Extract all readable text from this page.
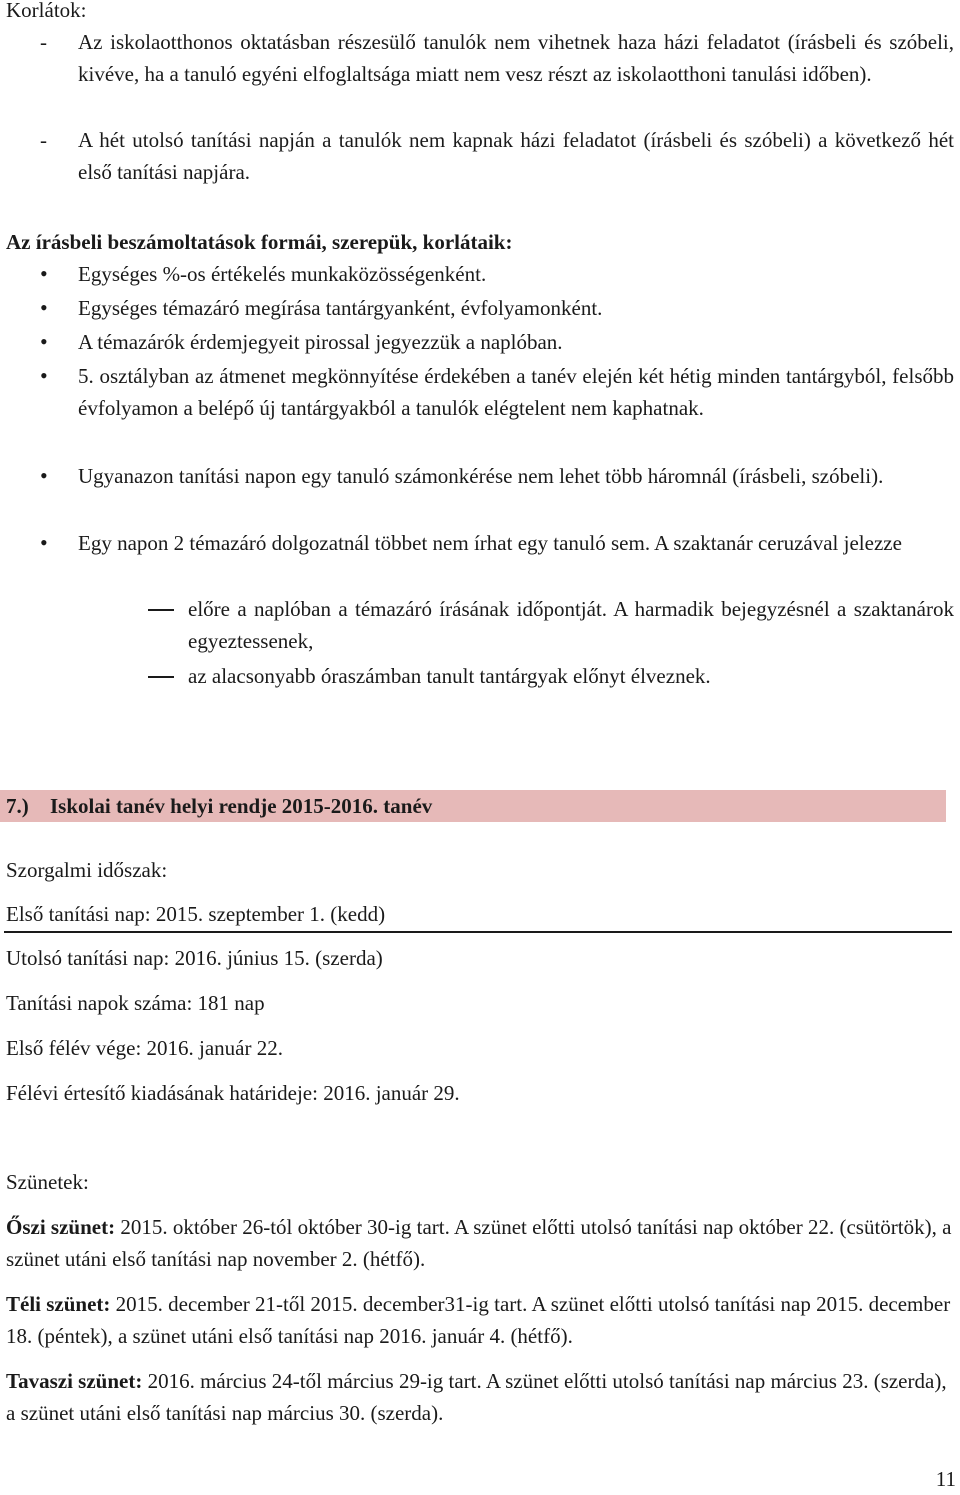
Korlátok:
-	Az iskolaotthonos oktatásban részesülő tanulók nem vihetnek haza házi feladatot (írásbeli és szóbeli, kivéve, ha a tanuló egyéni elfoglaltsága miatt nem vesz részt az iskolaotthoni tanulási időben).
-	A hét utolsó tanítási napján a tanulók nem kapnak házi feladatot (írásbeli és szóbeli) a következő hét első tanítási napjára.
Az írásbeli beszámoltatások formái, szerepük, korlátaik:
•	Egységes %-os értékelés munkaközösségenként.
•	Egységes témazáró megírása tantárgyanként, évfolyamonként.
•	A témazárók érdemjegyeit pirossal jegyezzük a naplóban.
•	5. osztályban az átmenet megkönnyítése érdekében a tanév elején két hétig minden tantárgyból, felsőbb évfolyamon a belépő új tantárgyakból a tanulók elégtelent nem kaphatnak.
•	Ugyanazon tanítási napon egy tanuló számonkérése nem lehet több háromnál (írásbeli, szóbeli).
•	Egy napon 2 témazáró dolgozatnál többet nem írhat egy tanuló sem. A szaktanár ceruzával jelezze
előre a naplóban a témazáró írásának időpontját. A harmadik bejegyzésnél a szaktanárok egyeztessenek,
az alacsonyabb óraszámban tanult tantárgyak előnyt élveznek.
7.) Iskolai tanév helyi rendje 2015-2016. tanév
Szorgalmi időszak:
Első tanítási nap: 2015. szeptember 1. (kedd)
Utolsó tanítási nap: 2016. június 15. (szerda)
Tanítási napok száma: 181 nap
Első félév vége: 2016. január 22.
Félévi értesítő kiadásának határideje: 2016. január 29.
Szünetek:
Őszi szünet: 2015. október 26-tól október 30-ig tart. A szünet előtti utolsó tanítási nap október 22. (csütörtök), a szünet utáni első tanítási nap november 2. (hétfő).
Téli szünet: 2015. december 21-től 2015. december31-ig tart. A szünet előtti utolsó tanítási nap 2015. december 18. (péntek), a szünet utáni első tanítási nap 2016. január 4. (hétfő).
Tavaszi szünet: 2016. március 24-től március 29-ig tart. A szünet előtti utolsó tanítási nap március 23. (szerda), a szünet utáni első tanítási nap március 30. (szerda).
11
